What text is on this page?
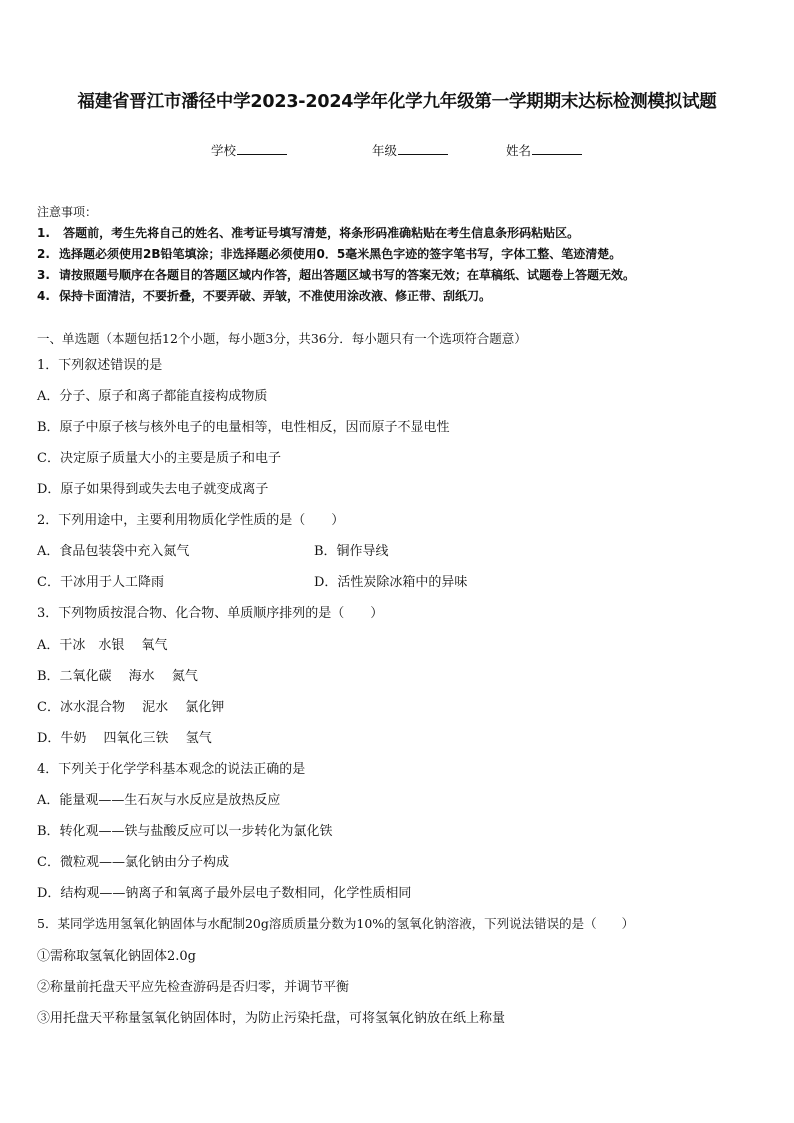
福建省晋江市潘径中学2023-2024学年化学九年级第一学期期末达标检测模拟试题
学校	年级	姓名
注意事项：
1. 答题前，考生先将自己的姓名、准考证号填写清楚，将条形码准确粘贴在考生信息条形码粘贴区。
2. 选择题必须使用2B铅笔填涂；非选择题必须使用0．5毫米黑色字迹的签字笔书写，字体工整、笔迹清楚。
3. 请按照题号顺序在各题目的答题区域内作答，超出答题区域书写的答案无效；在草稿纸、试题卷上答题无效。
4. 保持卡面清洁，不要折叠，不要弄破、弄皱，不准使用涂改液、修正带、刮纸刀。
一、单选题（本题包括12个小题，每小题3分，共36分．每小题只有一个选项符合题意）
1．下列叙述错误的是
A．分子、原子和离子都能直接构成物质
B．原子中原子核与核外电子的电量相等，电性相反，因而原子不显电性
C．决定原子质量大小的主要是质子和电子
D．原子如果得到或失去电子就变成离子
2．下列用途中，主要利用物质化学性质的是（　　）
A．食品包装袋中充入氮气	B．铜作导线
C．干冰用于人工降雨	D．活性炭除冰箱中的异味
3．下列物质按混合物、化合物、单质顺序排列的是（　　）
A．干冰　水银　 氧气
B．二氧化碳　 海水　 氮气
C．冰水混合物　 泥水　 氯化钾
D．牛奶　 四氧化三铁　 氢气
4．下列关于化学学科基本观念的说法正确的是
A．能量观——生石灰与水反应是放热反应
B．转化观——铁与盐酸反应可以一步转化为氯化铁
C．微粒观——氯化钠由分子构成
D．结构观——钠离子和氧离子最外层电子数相同，化学性质相同
5．某同学选用氢氧化钠固体与水配制20g溶质质量分数为10%的氢氧化钠溶液，下列说法错误的是（　　）
①需称取氢氧化钠固体2.0g
②称量前托盘天平应先检查游码是否归零，并调节平衡
③用托盘天平称量氢氧化钠固体时，为防止污染托盘，可将氢氧化钠放在纸上称量
